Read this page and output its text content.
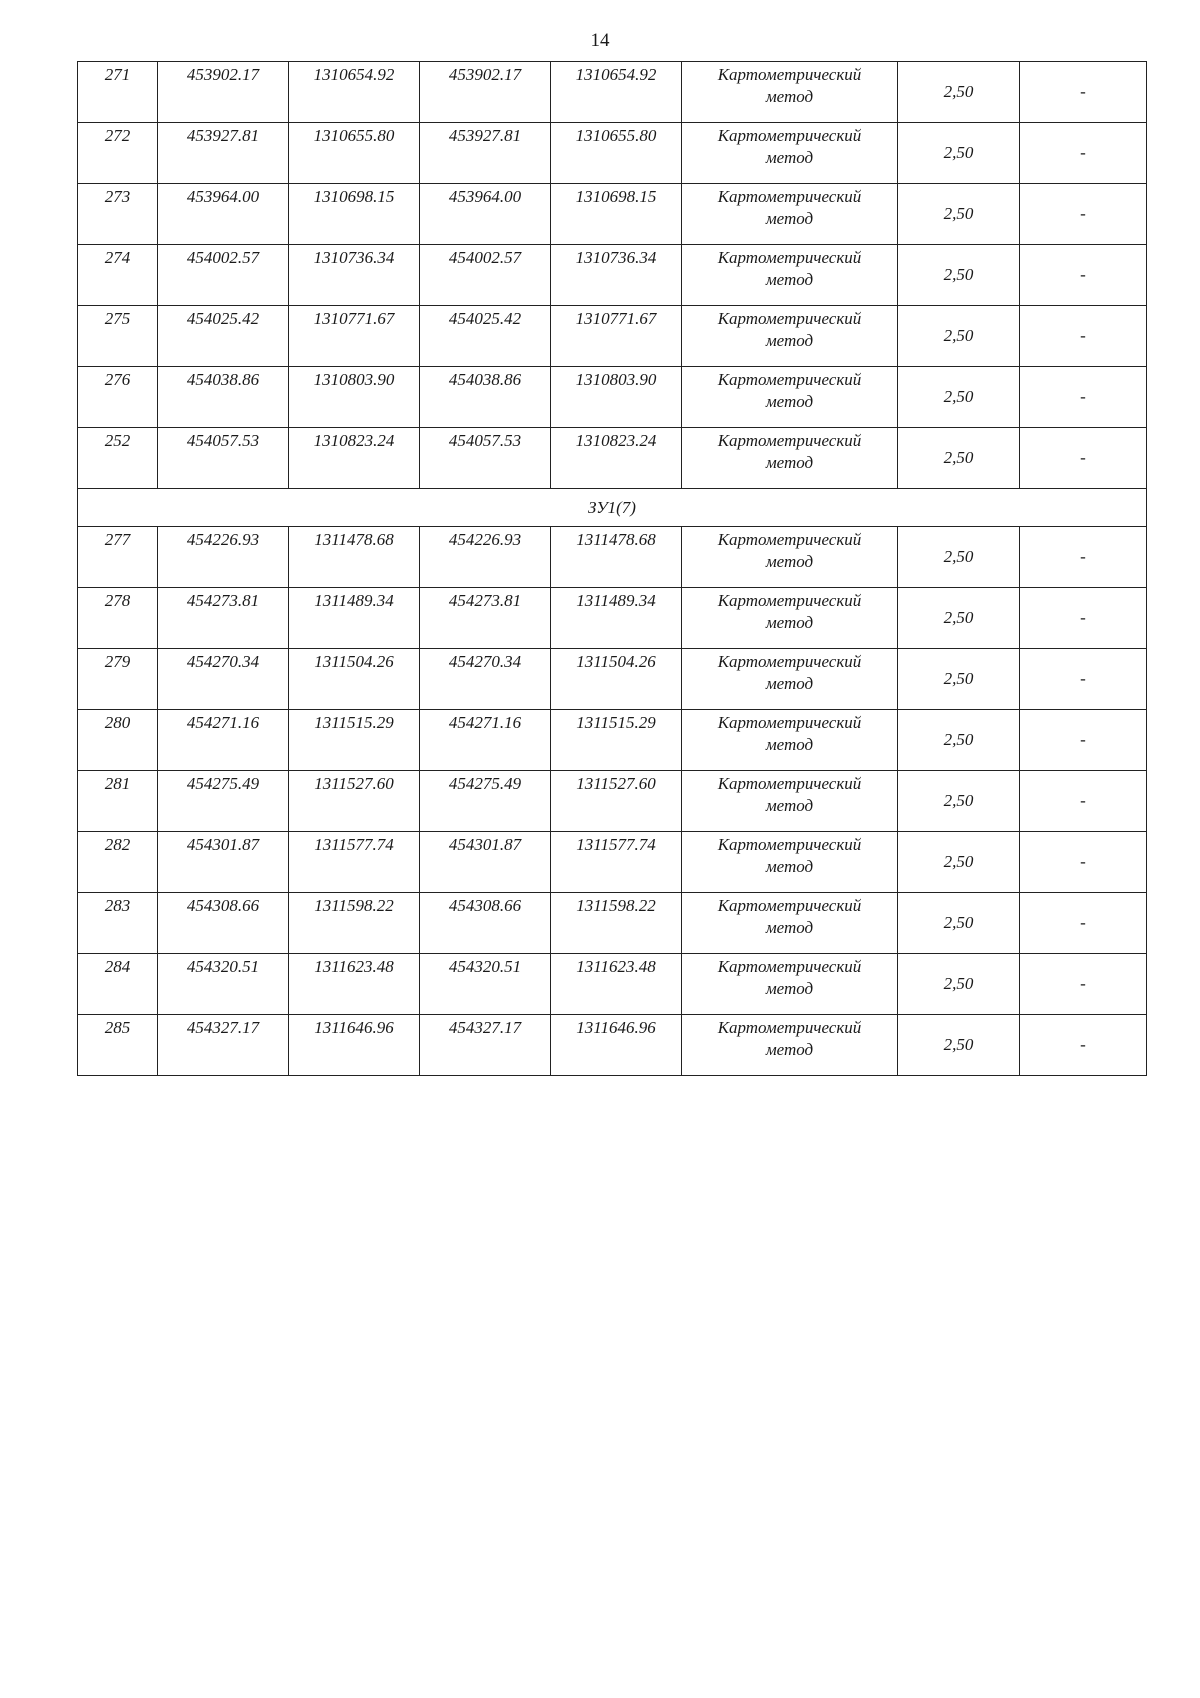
14
271	453902.17	1310654.92	453902.17	1310654.92	Картометрический
метод	2,50	-
272	453927.81	1310655.80	453927.81	1310655.80	Картометрический
метод	2,50	-
273	453964.00	1310698.15	453964.00	1310698.15	Картометрический
метод	2,50	-
274	454002.57	1310736.34	454002.57	1310736.34	Картометрический
метод	2,50	-
275	454025.42	1310771.67	454025.42	1310771.67	Картометрический
метод	2,50	-
276	454038.86	1310803.90	454038.86	1310803.90	Картометрический
метод	2,50	-
252	454057.53	1310823.24	454057.53	1310823.24	Картометрический
метод	2,50	-
ЗУ1(7)							
277	454226.93	1311478.68	454226.93	1311478.68	Картометрический
метод	2,50	-
278	454273.81	1311489.34	454273.81	1311489.34	Картометрический
метод	2,50	-
279	454270.34	1311504.26	454270.34	1311504.26	Картометрический
метод	2,50	-
280	454271.16	1311515.29	454271.16	1311515.29	Картометрический
метод	2,50	-
281	454275.49	1311527.60	454275.49	1311527.60	Картометрический
метод	2,50	-
282	454301.87	1311577.74	454301.87	1311577.74	Картометрический
метод	2,50	-
283	454308.66	1311598.22	454308.66	1311598.22	Картометрический
метод	2,50	-
284	454320.51	1311623.48	454320.51	1311623.48	Картометрический
метод	2,50	-
285	454327.17	1311646.96	454327.17	1311646.96	Картометрический
метод	2,50	-
